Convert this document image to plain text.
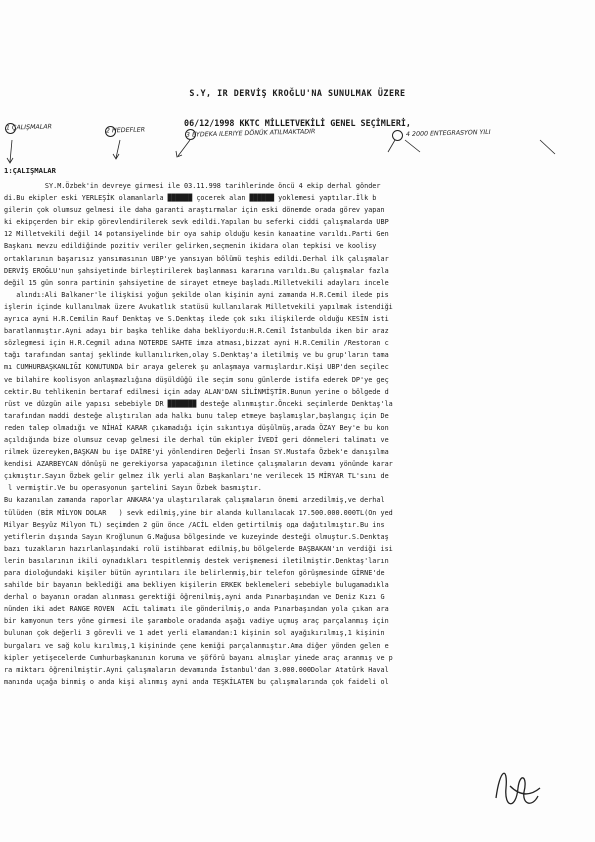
S.Y, IR DERVİŞ KROĞLU'NA SUNULMAK ÜZERE
06/12/1998 KKTC MİLLETVEKİLİ GENEL SEÇİMLERİ,
1 ÇALIŞMALAR	2 HEDEFLER	3 EYDEKA ILERIYE DÖNÜK ATILMAKTADIR	4 2000 ENTEGRASYON YILI
1:ÇALIŞMALAR
SY.M.Özbek'in devreye girmesi ile 03.11.998 tarihlerinde öncü 4 ekip derhal gönder
di.Bu ekipler eski YERLEŞİK olamanlarla ██████ çocerek alan ██████ yoklemesi yaptılar.İlk b
gilerin çok olumsuz gelmesi ile daha garanti araştırmalar için eski dönemde orada görev yapan
ki ekipçerden bir ekip görevlendirilerek sevk edildi.Yapılan bu seferki ciddi çalışmalarda UBP
12 Milletvekili değil 14 potansiyelinde bir oya sahip olduğu kesin kanaatine varıldı.Parti Gen
Başkanı mevzu edildiğinde pozitiv veriler gelirken,seçmenin ikidara olan tepkisi ve koolisy
ortaklarının başarısız yansımasının UBP'ye yansıyan bölümü teşhis edildi.Derhal ilk çalışmalar
DERVİŞ EROĞLU'nun şahsiyetinde birleştirilerek başlanması kararına varıldı.Bu çalışmalar fazla
değil 15 gün sonra partinin şahsiyetine de sirayet etmeye başladı.Milletvekili adayları incele
alındı:Ali Balkaner'le ilişkisi yoğun şekilde olan kişinin ayni zamanda H.R.Cemil ilede pis
işlerin içinde kullanılmak üzere Avukatlık statüsü kullanılarak Milletvekili yapılmak istendiği
ayrıca ayni H.R.Cemilin Rauf Denktaş ve S.Denktaş ilede çok sıkı ilişkilerde olduğu KESİN isti
baratlanmıştır.Ayni adayı bir başka tehlike daha bekliyordu:H.R.Cemil İstanbulda iken bir araz
sözlegmesi için H.R.Cegmil adına NOTERDE SAHTE imza atması,bizzat ayni H.R.Cemilin /Restoran c
tağı tarafından santaj şeklinde kullanılırken,olay S.Denktaş'a iletilmiş ve bu grup'ların tama
mı CUMHURBAŞKANLIĞI KONUTUNDA bir araya gelerek şu anlaşmaya varmışlardır.Kişi UBP'den seçilec
ve bilahire koolisyon anlaşmazlığına düşüldüğü ile seçim sonu günlerde istifa ederek DP'ye geç
cektir.Bu tehlikenin bertaraf edilmesi için aday ALAN'DAN SİLİNMİŞTİR.Bunun yerine o bölgede d
rüst ve düzgün aile yapısı sebebiyle DR ███████ desteğe alınmıştır.Önceki seçimlerde Denktaş'la
tarafından maddi desteğe alıştırılan ada halkı bunu talep etmeye başlamışlar,başlangıç için De
reden talep olmadığı ve NİHAİ KARAR çıkamadığı için sıkıntıya düşülmüş,arada ÖZAY Bey'e bu kon
açıldığında bize olumsuz cevap gelmesi ile derhal tüm ekipler İVEDİ geri dönmeleri talimatı ve
rilmek üzereyken,BAŞKAN bu işe DAİRE'yi yönlendiren Değerli İnsan SY.Mustafa Özbek'e danışılma
kendisi AZARBEYCAN dönüşü ne gerekiyorsa yapacağının iletince çalışmaların devamı yönünde karar
çıkmıştır.Sayın Özbek gelir gelmez ilk yerli alan Başkanları'ne verilecek 15 MİRYAR TL'sını de
l vermiştir.Ve bu operasyonun şartelini Sayın Özbek basmıştır.
Bu kazanılan zamanda raporlar ANKARA'ya ulaştırılarak çalışmaların önemi arzedilmiş,ve derhal
tülüden (BİR MİLYON DOLAR   ) sevk edilmiş,yine bir alanda kullanılacak 17.500.000.000TL(On yed
Milyar Beşyüz Milyon TL) seçimden 2 gün önce /ACİL elden getirtilmiş ода dağıtılmıştır.Bu ins
yetiflerin dışında Sayın Kroğlunun G.Mağusa bölgesinde ve kuzeyinde desteği olmuştur.S.Denktaş
bazı tuzakların hazırlanlaşındaki rolü istihbarat edilmiş,bu bölgelerde BAŞBAKAN'ın verdiği isi
lerin basılarının ikili oynadıkları tespitlenmiş destek verişmemesi iletilmiştir.Denktaş'ların
para dioloğundaki kişiler bütün ayrıntıları ile belirlenmiş,bir telefon görüşmesinde GİRNE'de
sahilde bir bayanın beklediği ama bekliyen kişilerin ERKEK beklemeleri sebebiyle bulugamadıkla
derhal o bayanın oradan alınması gerektiği öğrenilmiş,ayni anda Pınarbaşından ve Deniz Kızı G
nünden iki adet RANGE ROVEN  ACİL talimatı ile gönderilmiş,o anda Pınarbaşından yola çıkan ara
bir kamyonun ters yöne girmesi ile şarambole oradanda aşağı vadiye uçmuş araç parçalanmış için
bulunan çok değerli 3 görevli ve 1 adet yerli elamandan:1 kişinin sol ayağıkırılmış,1 kişinin
burgaları ve sağ kolu kırılmış,1 kişininde çene kemiği parçalanmıştır.Ama diğer yönden gelen e
kipler yetişecelerde Cumhurbaşkanının koruma ve şöförü bayanı almışlar yinede araç aranmış ve p
ra miktarı öğrenilmiştir.Ayni çalışmaların devamında İstanbul'dan 3.000.000Dolar Atatürk Haval
manında uçağa binmiş o anda kişi alınmış ayni anda TEŞKİLATEN bu çalışmalarında çok faideli ol
